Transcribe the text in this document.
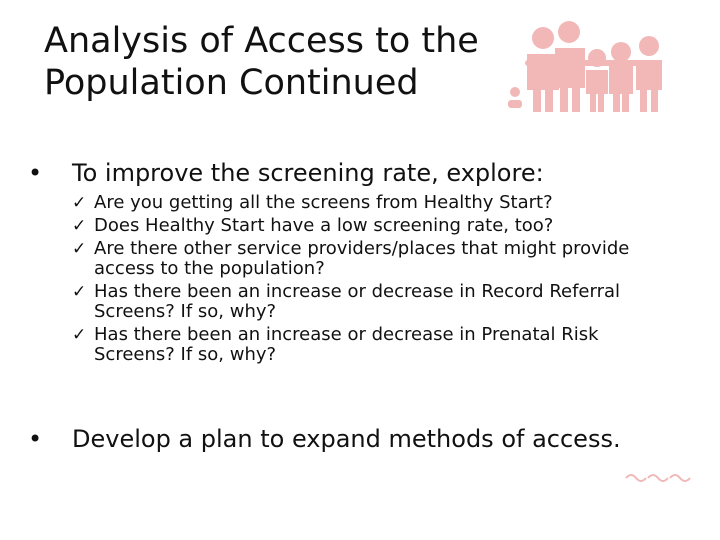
Analysis of Access to the
Population Continued
•	To improve the screening rate, explore:
✓ Are you getting all the screens from Healthy Start?
✓ Does Healthy Start have a low screening rate, too?
✓ Are there other service providers/places that might provide access to the population?
✓ Has there been an increase or decrease in Record Referral Screens? If so, why?
✓ Has there been an increase or decrease in Prenatal Risk Screens? If so, why?
•	Develop a plan to expand methods of access.
